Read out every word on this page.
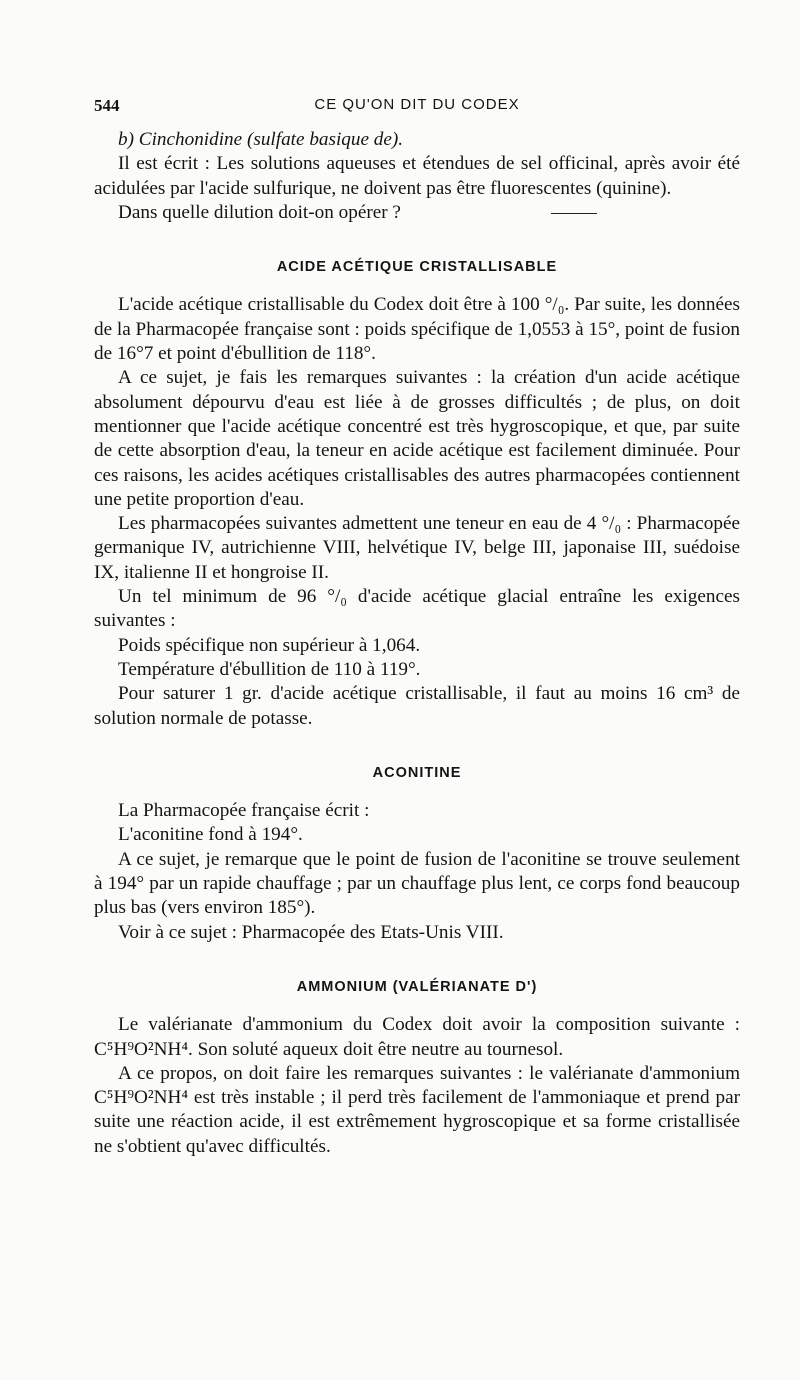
544	CE QU'ON DIT DU CODEX

b) Cinchonidine (sulfate basique de).

Il est écrit : Les solutions aqueuses et étendues de sel officinal, après avoir été acidulées par l'acide sulfurique, ne doivent pas être fluorescentes (quinine).

Dans quelle dilution doit-on opérer ?

ACIDE ACÉTIQUE CRISTALLISABLE

L'acide acétique cristallisable du Codex doit être à 100 °/₀. Par suite, les données de la Pharmacopée française sont : poids spécifique de 1,0553 à 15°, point de fusion de 16°7 et point d'ébullition de 118°.

A ce sujet, je fais les remarques suivantes : la création d'un acide acétique absolument dépourvu d'eau est liée à de grosses difficultés ; de plus, on doit mentionner que l'acide acétique concentré est très hygroscopique, et que, par suite de cette absorption d'eau, la teneur en acide acétique est facilement diminuée. Pour ces raisons, les acides acétiques cristallisables des autres pharmacopées contiennent une petite proportion d'eau.

Les pharmacopées suivantes admettent une teneur en eau de 4 °/₀ : Pharmacopée germanique IV, autrichienne VIII, helvétique IV, belge III, japonaise III, suédoise IX, italienne II et hongroise II.

Un tel minimum de 96 °/₀ d'acide acétique glacial entraîne les exigences suivantes :

Poids spécifique non supérieur à 1,064.

Température d'ébullition de 110 à 119°.

Pour saturer 1 gr. d'acide acétique cristallisable, il faut au moins 16 cm³ de solution normale de potasse.

ACONITINE

La Pharmacopée française écrit :

L'aconitine fond à 194°.

A ce sujet, je remarque que le point de fusion de l'aconitine se trouve seulement à 194° par un rapide chauffage ; par un chauffage plus lent, ce corps fond beaucoup plus bas (vers environ 185°).

Voir à ce sujet : Pharmacopée des Etats-Unis VIII.

AMMONIUM (VALÉRIANATE D')

Le valérianate d'ammonium du Codex doit avoir la composition suivante : C⁵H⁹O²NH⁴. Son soluté aqueux doit être neutre au tournesol.

A ce propos, on doit faire les remarques suivantes : le valérianate d'ammonium C⁵H⁹O²NH⁴ est très instable ; il perd très facilement de l'ammoniaque et prend par suite une réaction acide, il est extrêmement hygroscopique et sa forme cristallisée ne s'obtient qu'avec difficultés.
